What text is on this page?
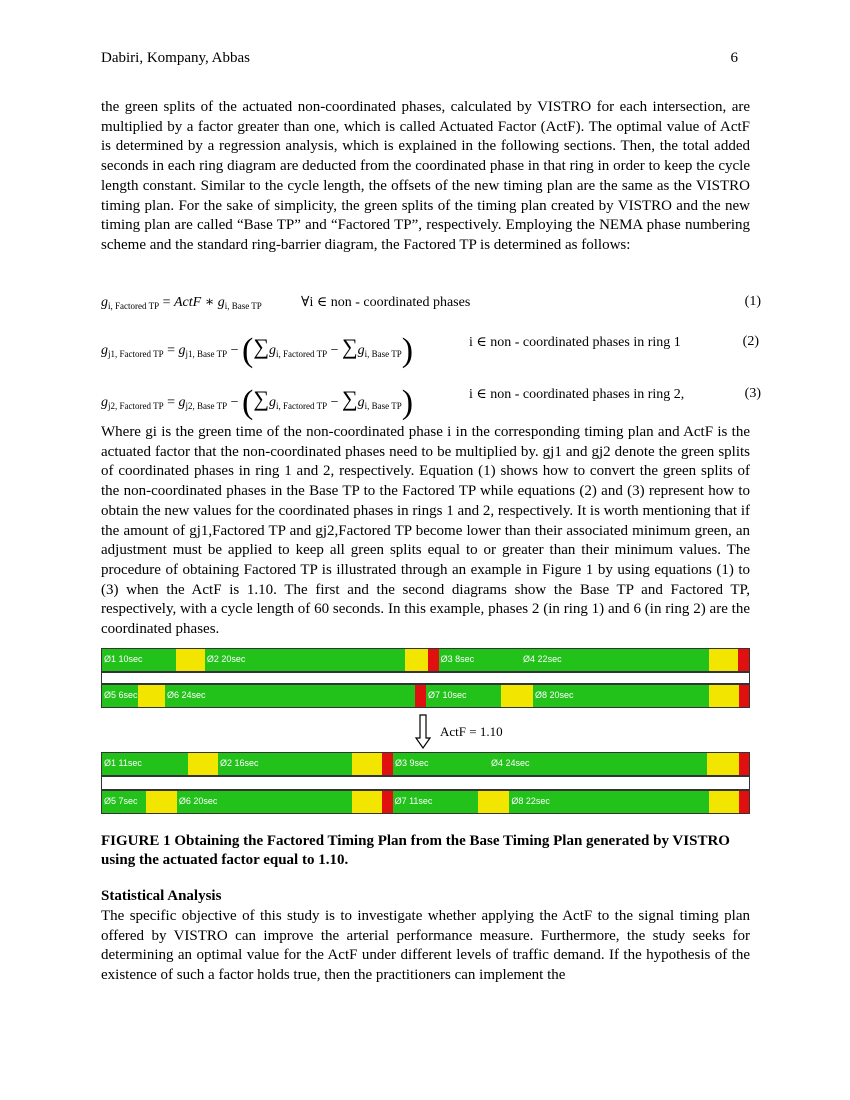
Dabiri, Kompany, Abbas	6

the green splits of the actuated non-coordinated phases, calculated by VISTRO for each intersection, are multiplied by a factor greater than one, which is called Actuated Factor (ActF). The optimal value of ActF is determined by a regression analysis, which is explained in the following sections. Then, the total added seconds in each ring diagram are deducted from the coordinated phase in that ring in order to keep the cycle length constant. Similar to the cycle length, the offsets of the new timing plan are the same as the VISTRO timing plan. For the sake of simplicity, the green splits of the timing plan created by VISTRO and the new timing plan are called “Base TP” and “Factored TP”, respectively. Employing the NEMA phase numbering scheme and the standard ring-barrier diagram, the Factored TP is determined as follows:

$g_{i, Factored TP}$ = ActF ∗ $g_{i, Base TP}$	∀i ∈ non - coordinated phases	(1)
$g_{j1, Factored TP} = g_{j1, Base TP} - (\sum g_{i, Factored TP} - \sum g_{i, Base TP})$	i ∈ non - coordinated phases in ring 1	(2)
$g_{j2, Factored TP} = g_{j2, Base TP} - (\sum g_{i, Factored TP} - \sum g_{i, Base TP})$	i ∈ non - coordinated phases in ring 2,	(3)

Where gi is the green time of the non-coordinated phase i in the corresponding timing plan and ActF is the actuated factor that the non-coordinated phases need to be multiplied by. gj1 and gj2 denote the green splits of coordinated phases in ring 1 and 2, respectively. Equation (1) shows how to convert the green splits of the non-coordinated phases in the Base TP to the Factored TP while equations (2) and (3) represent how to obtain the new values for the coordinated phases in rings 1 and 2, respectively. It is worth mentioning that if the amount of gj1,Factored TP and gj2,Factored TP become lower than their associated minimum green, an adjustment must be applied to keep all green splits equal to or greater than their minimum values. The procedure of obtaining Factored TP is illustrated through an example in Figure 1 by using equations (1) to (3) when the ActF is 1.10. The first and the second diagrams show the Base TP and Factored TP, respectively, with a cycle length of 60 seconds. In this example, phases 2 (in ring 1) and 6 (in ring 2) are the coordinated phases.

Ø1 10sec	Ø2 20sec	Ø3 8sec	Ø4 22sec
Ø5 6sec	Ø6 24sec	Ø7 10sec	Ø8 20sec
ActF = 1.10
Ø1 11sec	Ø2 16sec	Ø3 9sec	Ø4 24sec
Ø5 7sec	Ø6 20sec	Ø7 11sec	Ø8 22sec
FIGURE 1 Obtaining the Factored Timing Plan from the Base Timing Plan generated by VISTRO using the actuated factor equal to 1.10.
Statistical Analysis

The specific objective of this study is to investigate whether applying the ActF to the signal timing plan offered by VISTRO can improve the arterial performance measure. Furthermore, the study seeks for determining an optimal value for the ActF under different levels of traffic demand. If the hypothesis of the existence of such a factor holds true, then the practitioners can implement the
